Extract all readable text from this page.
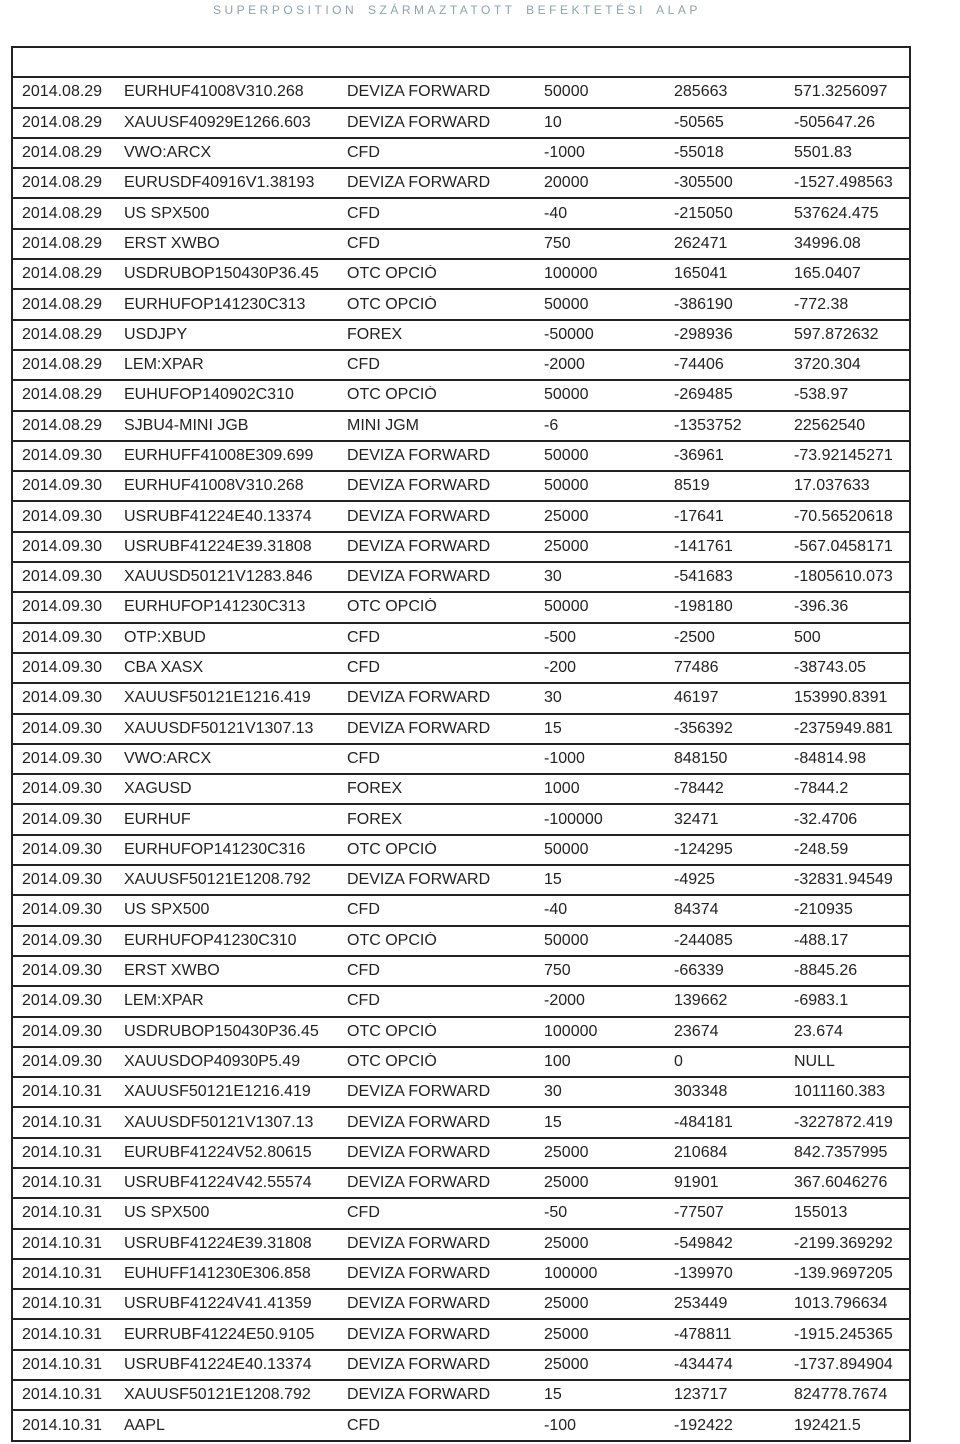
SUPERPOSITION SZÁRMAZTATOTT BEFEKTETÉSI ALAP
2014.08.29	EURHUF41008V310.268	DEVIZA FORWARD	50000	285663	571.3256097
2014.08.29	XAUUSF40929E1266.603	DEVIZA FORWARD	10	-50565	-505647.26
2014.08.29	VWO:ARCX	CFD	-1000	-55018	5501.83
2014.08.29	EURUSDF40916V1.38193	DEVIZA FORWARD	20000	-305500	-1527.498563
2014.08.29	US SPX500	CFD	-40	-215050	537624.475
2014.08.29	ERST XWBO	CFD	750	262471	34996.08
2014.08.29	USDRUBOP150430P36.45	OTC OPCIÓ	100000	165041	165.0407
2014.08.29	EURHUFOP141230C313	OTC OPCIÓ	50000	-386190	-772.38
2014.08.29	USDJPY	FOREX	-50000	-298936	597.872632
2014.08.29	LEM:XPAR	CFD	-2000	-74406	3720.304
2014.08.29	EUHUFOP140902C310	OTC OPCIÓ	50000	-269485	-538.97
2014.08.29	SJBU4-MINI JGB	MINI JGM	-6	-1353752	22562540
2014.09.30	EURHUFF41008E309.699	DEVIZA FORWARD	50000	-36961	-73.92145271
2014.09.30	EURHUF41008V310.268	DEVIZA FORWARD	50000	8519	17.037633
2014.09.30	USRUBF41224E40.13374	DEVIZA FORWARD	25000	-17641	-70.56520618
2014.09.30	USRUBF41224E39.31808	DEVIZA FORWARD	25000	-141761	-567.0458171
2014.09.30	XAUUSD50121V1283.846	DEVIZA FORWARD	30	-541683	-1805610.073
2014.09.30	EURHUFOP141230C313	OTC OPCIÓ	50000	-198180	-396.36
2014.09.30	OTP:XBUD	CFD	-500	-2500	500
2014.09.30	CBA XASX	CFD	-200	77486	-38743.05
2014.09.30	XAUUSF50121E1216.419	DEVIZA FORWARD	30	46197	153990.8391
2014.09.30	XAUUSDF50121V1307.13	DEVIZA FORWARD	15	-356392	-2375949.881
2014.09.30	VWO:ARCX	CFD	-1000	848150	-84814.98
2014.09.30	XAGUSD	FOREX	1000	-78442	-7844.2
2014.09.30	EURHUF	FOREX	-100000	32471	-32.4706
2014.09.30	EURHUFOP141230C316	OTC OPCIÓ	50000	-124295	-248.59
2014.09.30	XAUUSF50121E1208.792	DEVIZA FORWARD	15	-4925	-32831.94549
2014.09.30	US SPX500	CFD	-40	84374	-210935
2014.09.30	EURHUFOP41230C310	OTC OPCIÓ	50000	-244085	-488.17
2014.09.30	ERST XWBO	CFD	750	-66339	-8845.26
2014.09.30	LEM:XPAR	CFD	-2000	139662	-6983.1
2014.09.30	USDRUBOP150430P36.45	OTC OPCIÓ	100000	23674	23.674
2014.09.30	XAUUSDOP40930P5.49	OTC OPCIÓ	100	0	NULL
2014.10.31	XAUUSF50121E1216.419	DEVIZA FORWARD	30	303348	1011160.383
2014.10.31	XAUUSDF50121V1307.13	DEVIZA FORWARD	15	-484181	-3227872.419
2014.10.31	EURUBF41224V52.80615	DEVIZA FORWARD	25000	210684	842.7357995
2014.10.31	USRUBF41224V42.55574	DEVIZA FORWARD	25000	91901	367.6046276
2014.10.31	US SPX500	CFD	-50	-77507	155013
2014.10.31	USRUBF41224E39.31808	DEVIZA FORWARD	25000	-549842	-2199.369292
2014.10.31	EUHUFF141230E306.858	DEVIZA FORWARD	100000	-139970	-139.9697205
2014.10.31	USRUBF41224V41.41359	DEVIZA FORWARD	25000	253449	1013.796634
2014.10.31	EURRUBF41224E50.9105	DEVIZA FORWARD	25000	-478811	-1915.245365
2014.10.31	USRUBF41224E40.13374	DEVIZA FORWARD	25000	-434474	-1737.894904
2014.10.31	XAUUSF50121E1208.792	DEVIZA FORWARD	15	123717	824778.7674
2014.10.31	AAPL	CFD	-100	-192422	192421.5
